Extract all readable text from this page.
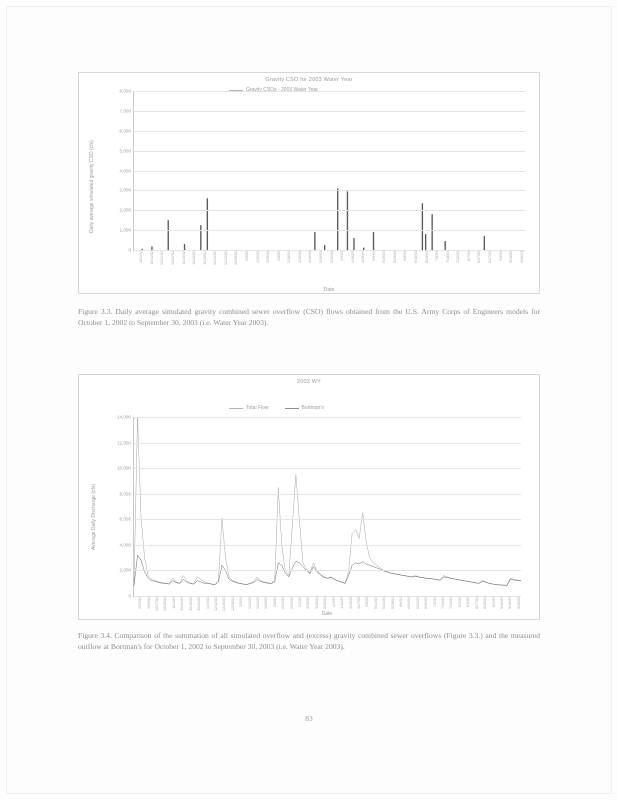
Gravity CSO for 2003 Water Year
Gravity CSOs - 2003 Water Year
Daily average simulated gravity CSO (cfs)
Date
10/1/02 10/11/02 10/21/02 10/31/02 11/10/02 11/20/02 11/30/02 12/10/02 12/20/02 12/30/02 1/9/03 1/19/03 1/29/03 2/8/03 2/18/03 2/28/03 3/10/03 3/20/03 3/30/03 4/9/03 4/19/03 4/29/03 5/9/03 5/19/03 5/29/03 6/8/03 6/18/03 6/28/03 7/8/03 7/18/03 7/28/03 8/7/03 8/17/03 8/27/03 9/6/03 9/16/03 9/26/03
0
1,000
2,000
3,000
4,000
5,000
6,000
7,000
8,000
Figure 3.3. Daily average simulated gravity combined sewer overflow (CSO) flows obtained from the U.S. Army Corps of Engineers models for October 1, 2002 to September 30, 2003 (i.e. Water Year 2003).
2003 WY
Total Flow	Bortman's
Average Daily Discharge (cfs)
Date
10/1/02 10/9/02 10/17/02 10/25/02 11/2/02 11/10/02 11/18/02 11/26/02 12/4/02 12/12/02 12/20/02 12/28/02 1/5/03 1/13/03 1/21/03 1/29/03 2/6/03 2/14/03 2/22/03 3/2/03 3/10/03 3/18/03 3/26/03 4/3/03 4/11/03 4/19/03 4/27/03 5/5/03 5/13/03 5/21/03 5/29/03 6/6/03 6/14/03 6/22/03 6/30/03 7/8/03 7/16/03 7/24/03 8/1/03 8/9/03 8/17/03 8/25/03 9/2/03 9/10/03 9/18/03 9/26/03
0
2,000
4,000
6,000
8,000
10,000
12,000
14,000
Figure 3.4. Comparison of the summation of all simulated overflow and (excess) gravity combined sewer overflows (Figure 3.3.) and the measured outflow at Bortman's for October 1, 2002 to September 30, 2003 (i.e. Water Year 2003).
83
